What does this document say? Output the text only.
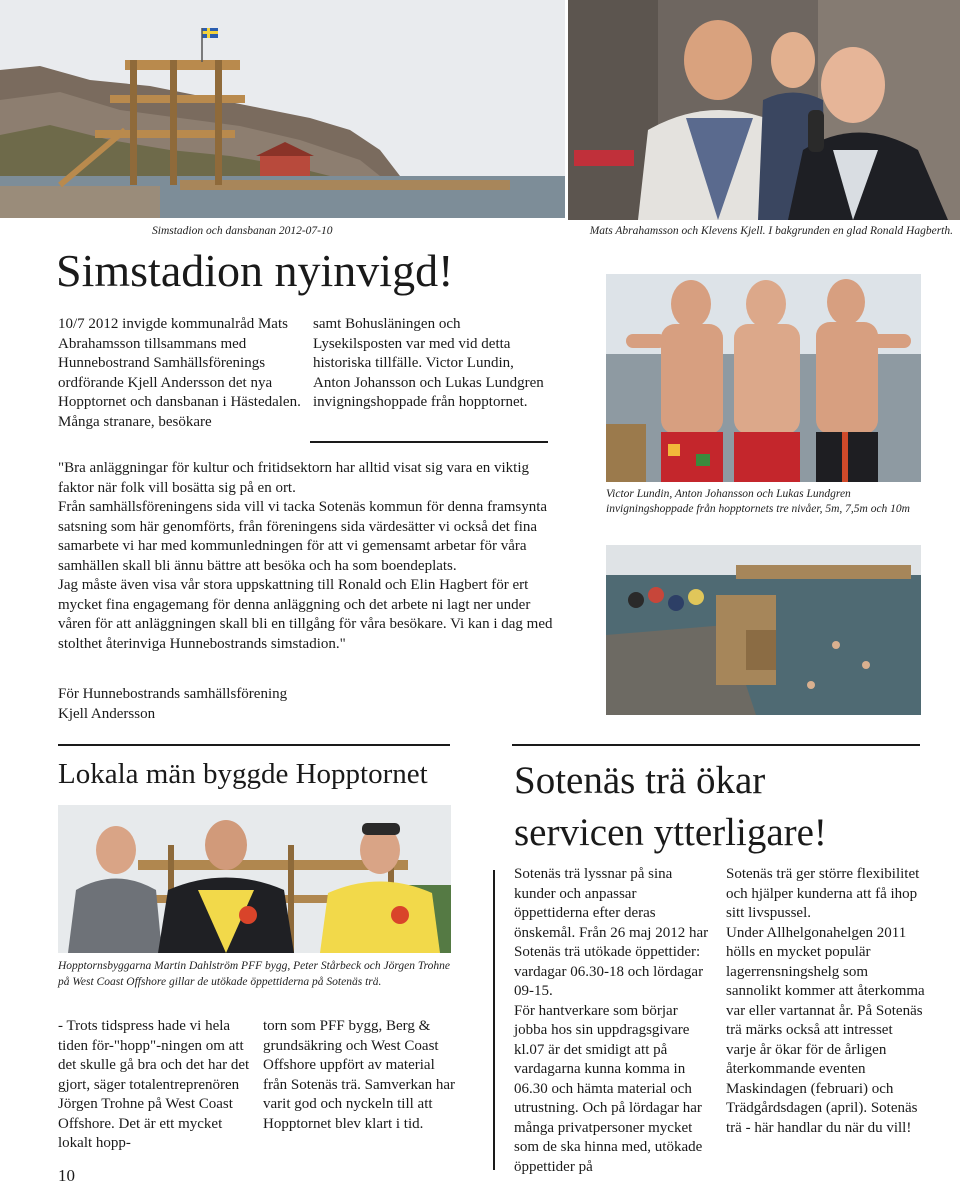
Simstadion och dansbanan 2012-07-10	Mats Abrahamsson och Klevens Kjell. I bakgrunden en glad Ronald Hagberth.
Simstadion nyinvigd!
10/7 2012 invigde kommunalråd Mats Abrahamsson tillsammans med Hunnebostrand Samhällsförenings ordförande Kjell Andersson det nya Hopptornet och dansbanan i Hästedalen. Många stranare, besökare
samt Bohusläningen och Lysekilsposten var med vid detta historiska tillfälle. Victor Lundin, Anton Johansson och Lukas Lundgren invigningshoppade från hopptornet.
"Bra anläggningar för kultur och fritidsektorn har alltid visat sig vara en viktig faktor när folk vill bosätta sig på en ort.
Från samhällsföreningens sida vill vi tacka Sotenäs kommun för denna framsynta satsning som här genomförts, från föreningens sida värdesätter vi också det fina samarbete vi har med kommunledningen för att vi gemensamt arbetar för våra samhällen skall bli ännu bättre att besöka och ha som boendeplats.
Jag måste även visa vår stora uppskattning till Ronald och Elin Hagbert för ert mycket fina engagemang för denna anläggning och det arbete ni lagt ner under våren för att anläggningen skall bli en tillgång för våra besökare. Vi kan i dag med stolthet återinviga Hunnebostrands simstadion."
För Hunnebostrands samhällsförening
Kjell Andersson
Victor Lundin, Anton Johansson och Lukas Lundgren invigningshoppade från hopptornets tre nivåer, 5m, 7,5m och 10m
Lokala män byggde Hopptornet
Hopptornsbyggarna Martin Dahlström PFF bygg, Peter Stårbeck och Jörgen Trohne på West Coast Offshore gillar de utökade öppettiderna på Sotenäs trä.
- Trots tidspress hade vi hela tiden för-"hopp"-ningen om att det skulle gå bra och det har det gjort, säger totalentreprenören Jörgen Trohne på West Coast Offshore. Det är ett mycket lokalt hopp-
torn som PFF bygg, Berg & grundsäkring och West Coast Offshore uppfört av material från Sotenäs trä. Samverkan har varit god och nyckeln till att Hopptornet blev klart i tid.
10
Sotenäs trä ökar
servicen ytterligare!
Sotenäs trä lyssnar på sina kunder och anpassar öppettiderna efter deras önskemål. Från 26 maj 2012 har Sotenäs trä utökade öppettider: vardagar 06.30-18 och lördagar 09-15.
För hantverkare som börjar jobba hos sin uppdragsgivare kl.07 är det smidigt att på vardagarna kunna komma in 06.30 och hämta material och utrustning. Och på lördagar har många privatpersoner mycket som de ska hinna med, utökade öppettider på
Sotenäs trä ger större flexibilitet och hjälper kunderna att få ihop sitt livspussel.
Under Allhelgonahelgen 2011 hölls en mycket populär lagerrensningshelg som sannolikt kommer att återkomma var eller vartannat år. På Sotenäs trä märks också att intresset varje år ökar för de årligen återkommande eventen Maskindagen (februari) och Trädgårdsdagen (april). Sotenäs trä - här handlar du när du vill!
